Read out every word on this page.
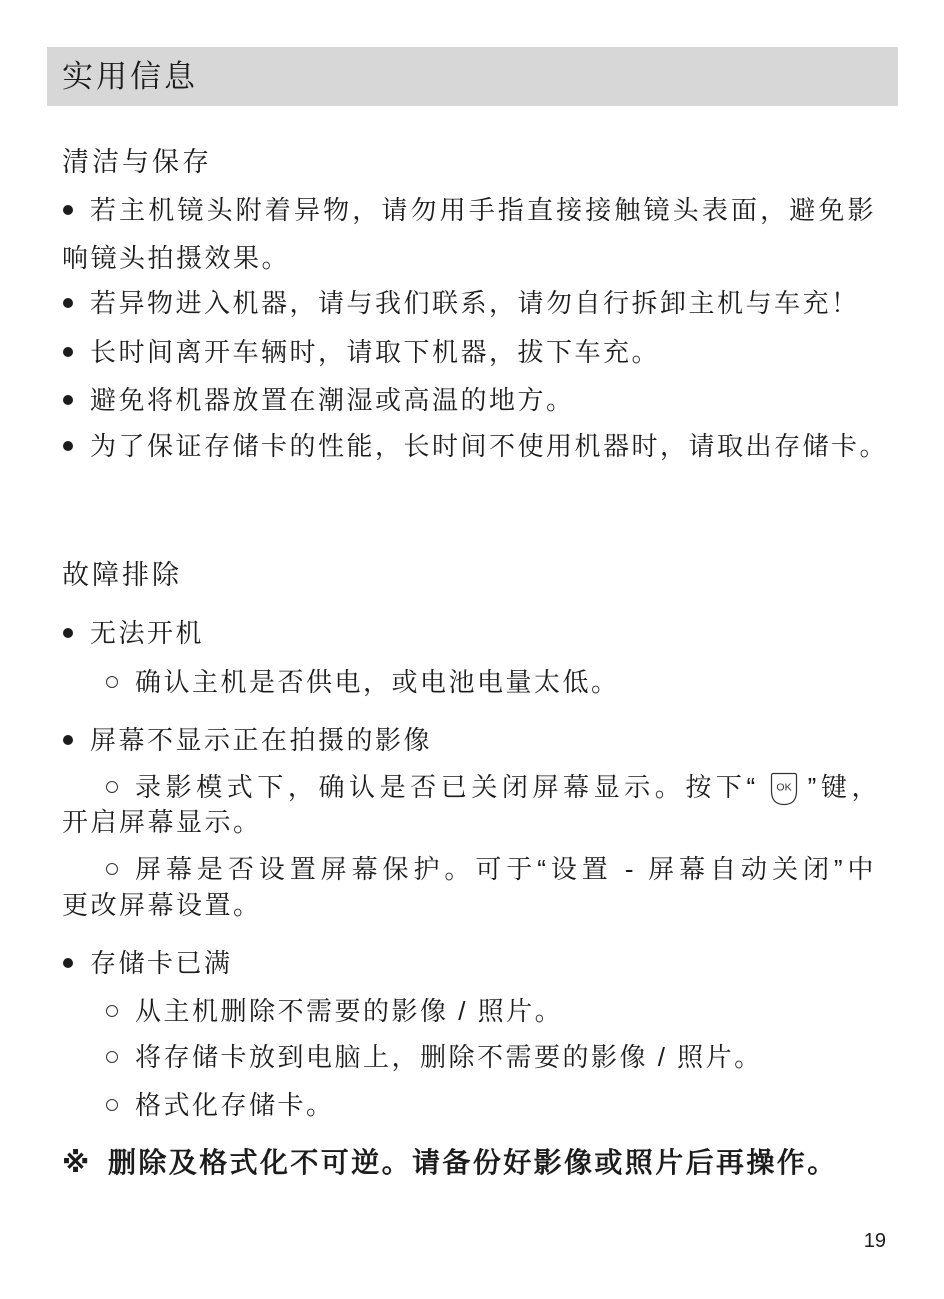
实用信息
清洁与保存
若主机镜头附着异物，请勿用手指直接接触镜头表面，避免影
响镜头拍摄效果。
若异物进入机器，请与我们联系，请勿自行拆卸主机与车充！
长时间离开车辆时，请取下机器，拔下车充。
避免将机器放置在潮湿或高温的地方。
为了保证存储卡的性能，长时间不使用机器时，请取出存储卡。
故障排除
无法开机
确认主机是否供电，或电池电量太低。
屏幕不显示正在拍摄的影像
录影模式下，确认是否已关闭屏幕显示。按下“ OK ”键，
开启屏幕显示。
屏幕是否设置屏幕保护。可于“设置 - 屏幕自动关闭”中
更改屏幕设置。
存储卡已满
从主机删除不需要的影像 / 照片。
将存储卡放到电脑上，删除不需要的影像 / 照片。
格式化存储卡。
※ 删除及格式化不可逆。请备份好影像或照片后再操作。
19
